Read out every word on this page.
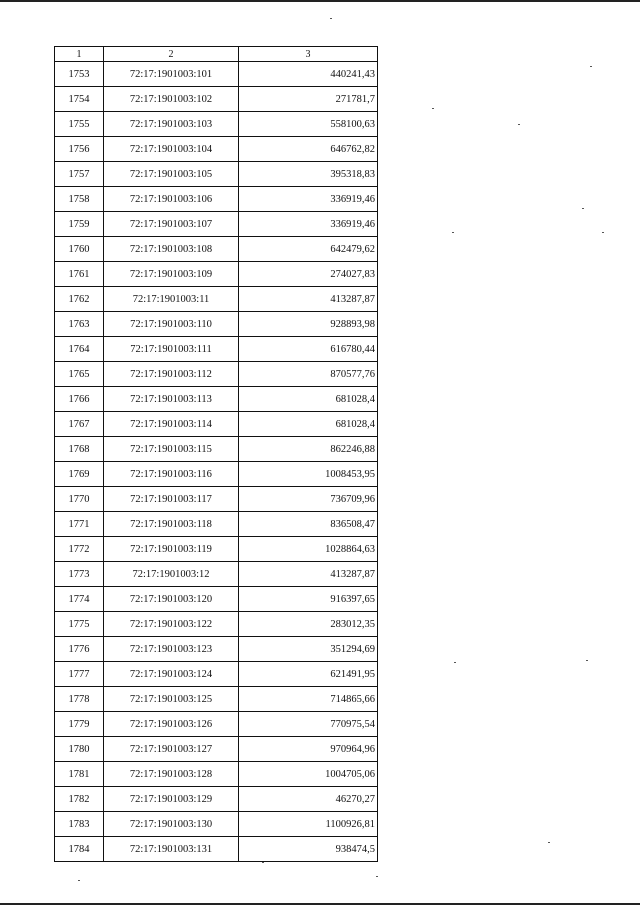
1	2	3
1753	72:17:1901003:101	440241,43
1754	72:17:1901003:102	271781,7
1755	72:17:1901003:103	558100,63
1756	72:17:1901003:104	646762,82
1757	72:17:1901003:105	395318,83
1758	72:17:1901003:106	336919,46
1759	72:17:1901003:107	336919,46
1760	72:17:1901003:108	642479,62
1761	72:17:1901003:109	274027,83
1762	72:17:1901003:11	413287,87
1763	72:17:1901003:110	928893,98
1764	72:17:1901003:111	616780,44
1765	72:17:1901003:112	870577,76
1766	72:17:1901003:113	681028,4
1767	72:17:1901003:114	681028,4
1768	72:17:1901003:115	862246,88
1769	72:17:1901003:116	1008453,95
1770	72:17:1901003:117	736709,96
1771	72:17:1901003:118	836508,47
1772	72:17:1901003:119	1028864,63
1773	72:17:1901003:12	413287,87
1774	72:17:1901003:120	916397,65
1775	72:17:1901003:122	283012,35
1776	72:17:1901003:123	351294,69
1777	72:17:1901003:124	621491,95
1778	72:17:1901003:125	714865,66
1779	72:17:1901003:126	770975,54
1780	72:17:1901003:127	970964,96
1781	72:17:1901003:128	1004705,06
1782	72:17:1901003:129	46270,27
1783	72:17:1901003:130	1100926,81
1784	72:17:1901003:131	938474,5
